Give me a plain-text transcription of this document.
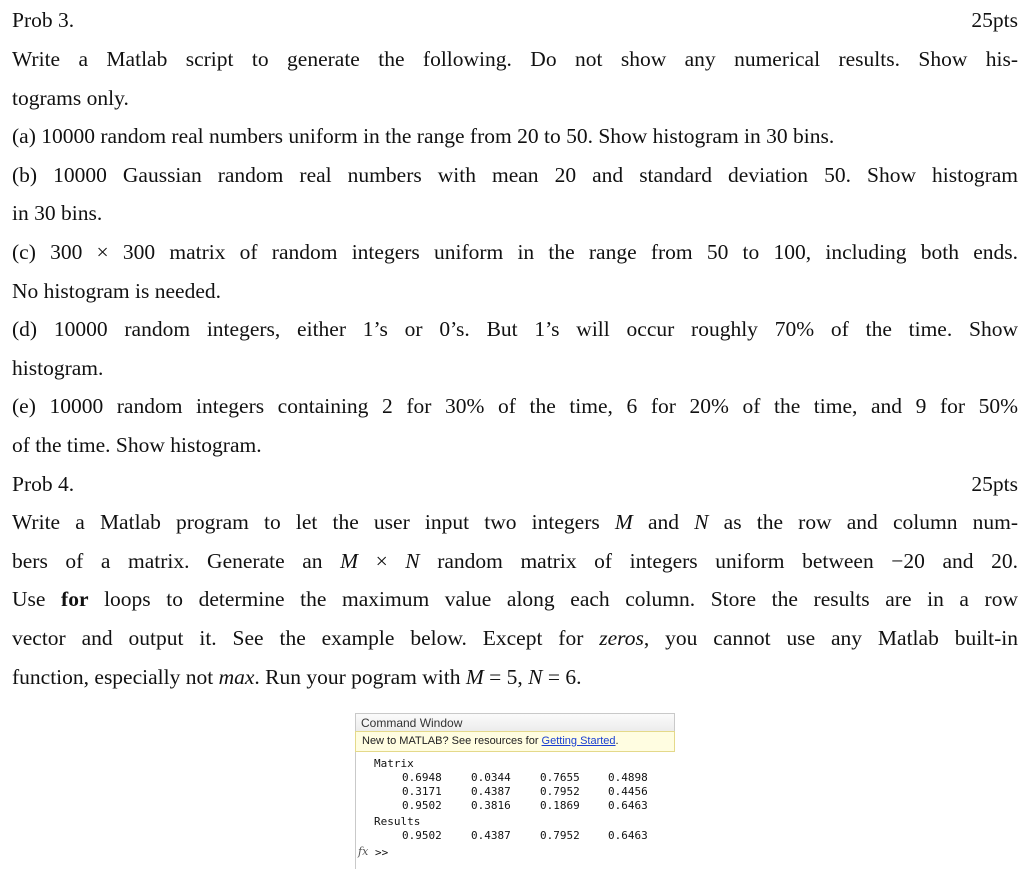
Prob 3.	25pts
Write a Matlab script to generate the following. Do not show any numerical results. Show his-
tograms only.
(a) 10000 random real numbers uniform in the range from 20 to 50. Show histogram in 30 bins.
(b) 10000 Gaussian random real numbers with mean 20 and standard deviation 50. Show histogram
in 30 bins.
(c) 300 × 300 matrix of random integers uniform in the range from 50 to 100, including both ends.
No histogram is needed.
(d) 10000 random integers, either 1’s or 0’s. But 1’s will occur roughly 70% of the time. Show
histogram.
(e) 10000 random integers containing 2 for 30% of the time, 6 for 20% of the time, and 9 for 50%
of the time. Show histogram.
Prob 4.	25pts
Write a Matlab program to let the user input two integers M and N as the row and column num-
bers of a matrix. Generate an M × N random matrix of integers uniform between −20 and 20.
Use for loops to determine the maximum value along each column. Store the results are in a row
vector and output it. See the example below. Except for zeros, you cannot use any Matlab built-in
function, especially not max. Run your pogram with M = 5, N = 6.
Command Window
New to MATLAB? See resources for Getting Started.
Matrix
0.6948	0.0344	0.7655	0.4898
0.3171	0.4387	0.7952	0.4456
0.9502	0.3816	0.1869	0.6463
Results
0.9502	0.4387	0.7952	0.6463
fx >>
